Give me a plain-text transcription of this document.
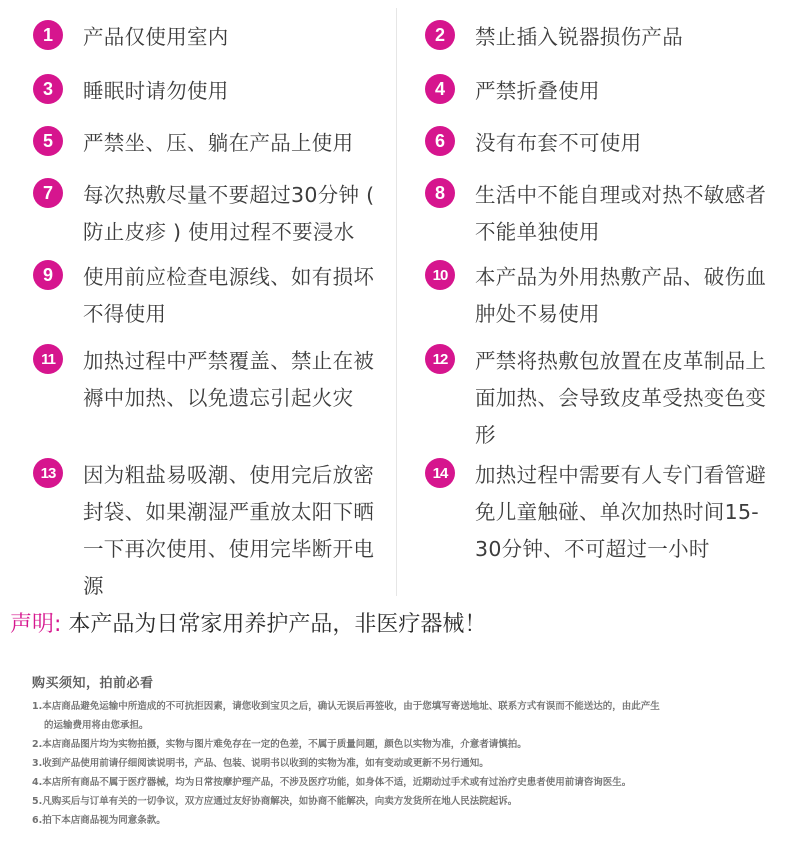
1	产品仅使用室内	2	禁止插入锐器损伤产品
3	睡眠时请勿使用	4	严禁折叠使用
5	严禁坐、压、躺在产品上使用	6	没有布套不可使用
7	每次热敷尽量不要超过30分钟 ( 防止皮疹 ) 使用过程不要浸水
8	生活中不能自理或对热不敏感者不能单独使用
9	使用前应检查电源线、如有损坏不得使用
10	本产品为外用热敷产品、破伤血肿处不易使用
11	加热过程中严禁覆盖、禁止在被褥中加热、以免遗忘引起火灾
12	严禁将热敷包放置在皮革制品上面加热、会导致皮革受热变色变形
13	因为粗盐易吸潮、使用完后放密封袋、如果潮湿严重放太阳下晒一下再次使用、使用完毕断开电源
14	加热过程中需要有人专门看管避免儿童触碰、单次加热时间15-30分钟、不可超过一小时
声明: 本产品为日常家用养护产品，非医疗器械！
购买须知，拍前必看
1.本店商品避免运输中所造成的不可抗拒因素，请您收到宝贝之后，确认无误后再签收，由于您填写寄送地址、联系方式有误而不能送达的，由此产生
的运输费用将由您承担。
2.本店商品图片均为实物拍摄，实物与图片难免存在一定的色差，不属于质量问题，颜色以实物为准，介意者请慎拍。
3.收到产品使用前请仔细阅读说明书，产品、包装、说明书以收到的实物为准，如有变动或更新不另行通知。
4.本店所有商品不属于医疗器械，均为日常按摩护理产品，不涉及医疗功能，如身体不适，近期动过手术或有过治疗史患者使用前请咨询医生。
5.凡购买后与订单有关的一切争议，双方应通过友好协商解决，如协商不能解决，向卖方发货所在地人民法院起诉。
6.拍下本店商品视为同意条款。
